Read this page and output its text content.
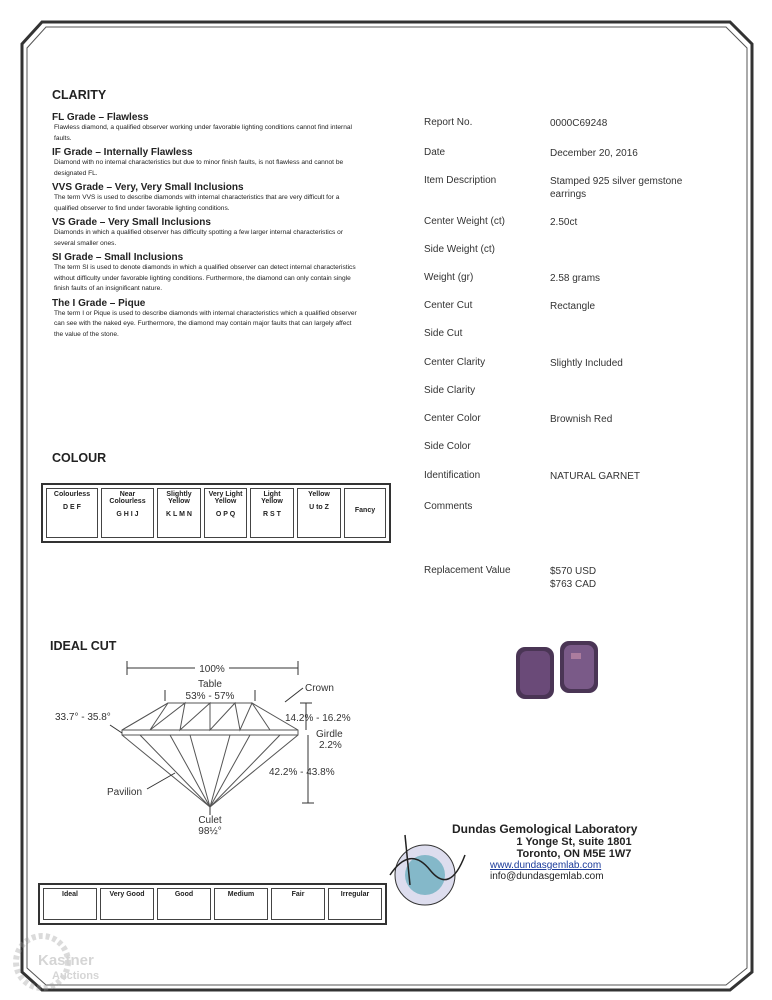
CLARITY
FL Grade – Flawless
Flawless diamond, a qualified observer working under favorable lighting conditions cannot find internal faults.
IF Grade – Internally Flawless
Diamond with no internal characteristics but due to minor finish faults, is not flawless and cannot be designated FL.
VVS Grade – Very, Very Small Inclusions
The term VVS is used to describe diamonds with internal characteristics that are very difficult for a qualified observer to find under favorable lighting conditions.
VS Grade – Very Small Inclusions
Diamonds in which a qualified observer has difficulty spotting a few larger internal characteristics or several smaller ones.
SI Grade – Small Inclusions
The term SI is used to denote diamonds in which a qualified observer can detect internal characteristics without difficulty under favorable lighting conditions. Furthermore, the diamond can only contain single finish faults of an insignificant nature.
The I Grade – Pique
The term I or Pique is used to describe diamonds with internal characteristics which a qualified observer can see with the naked eye. Furthermore, the diamond may contain major faults that can largely affect the value of the stone.
Report No.	0000C69248
Date	December 20, 2016
Item Description	Stamped 925 silver gemstone earrings
Center Weight (ct)	2.50ct
Side Weight (ct)
Weight (gr)	2.58 grams
Center Cut	Rectangle
Side Cut
Center Clarity	Slightly Included
Side Clarity
Center Color	Brownish Red
Side Color
Identification	NATURAL GARNET
Comments
Replacement Value	$570 USD
$763 CAD
COLOUR
Colourless
D E F

Near Colourless
G H I J

Slightly Yellow
K L M N

Very Light Yellow
O P Q

Light Yellow
R S T

Yellow
U to Z	Fancy
IDEAL CUT
100%
Table
53% - 57%
Crown
33.7° - 35.8°	14.2% - 16.2%
Girdle
2.2%
42.2% - 43.8%
Pavilion
Culet
98½°
Ideal	Very Good	Good	Medium	Fair	Irregular
Dundas Gemological Laboratory
1 Yonge St, suite 1801
Toronto, ON M5E 1W7
www.dundasgemlab.com
info@dundasgemlab.com
Kastner
Auctions
